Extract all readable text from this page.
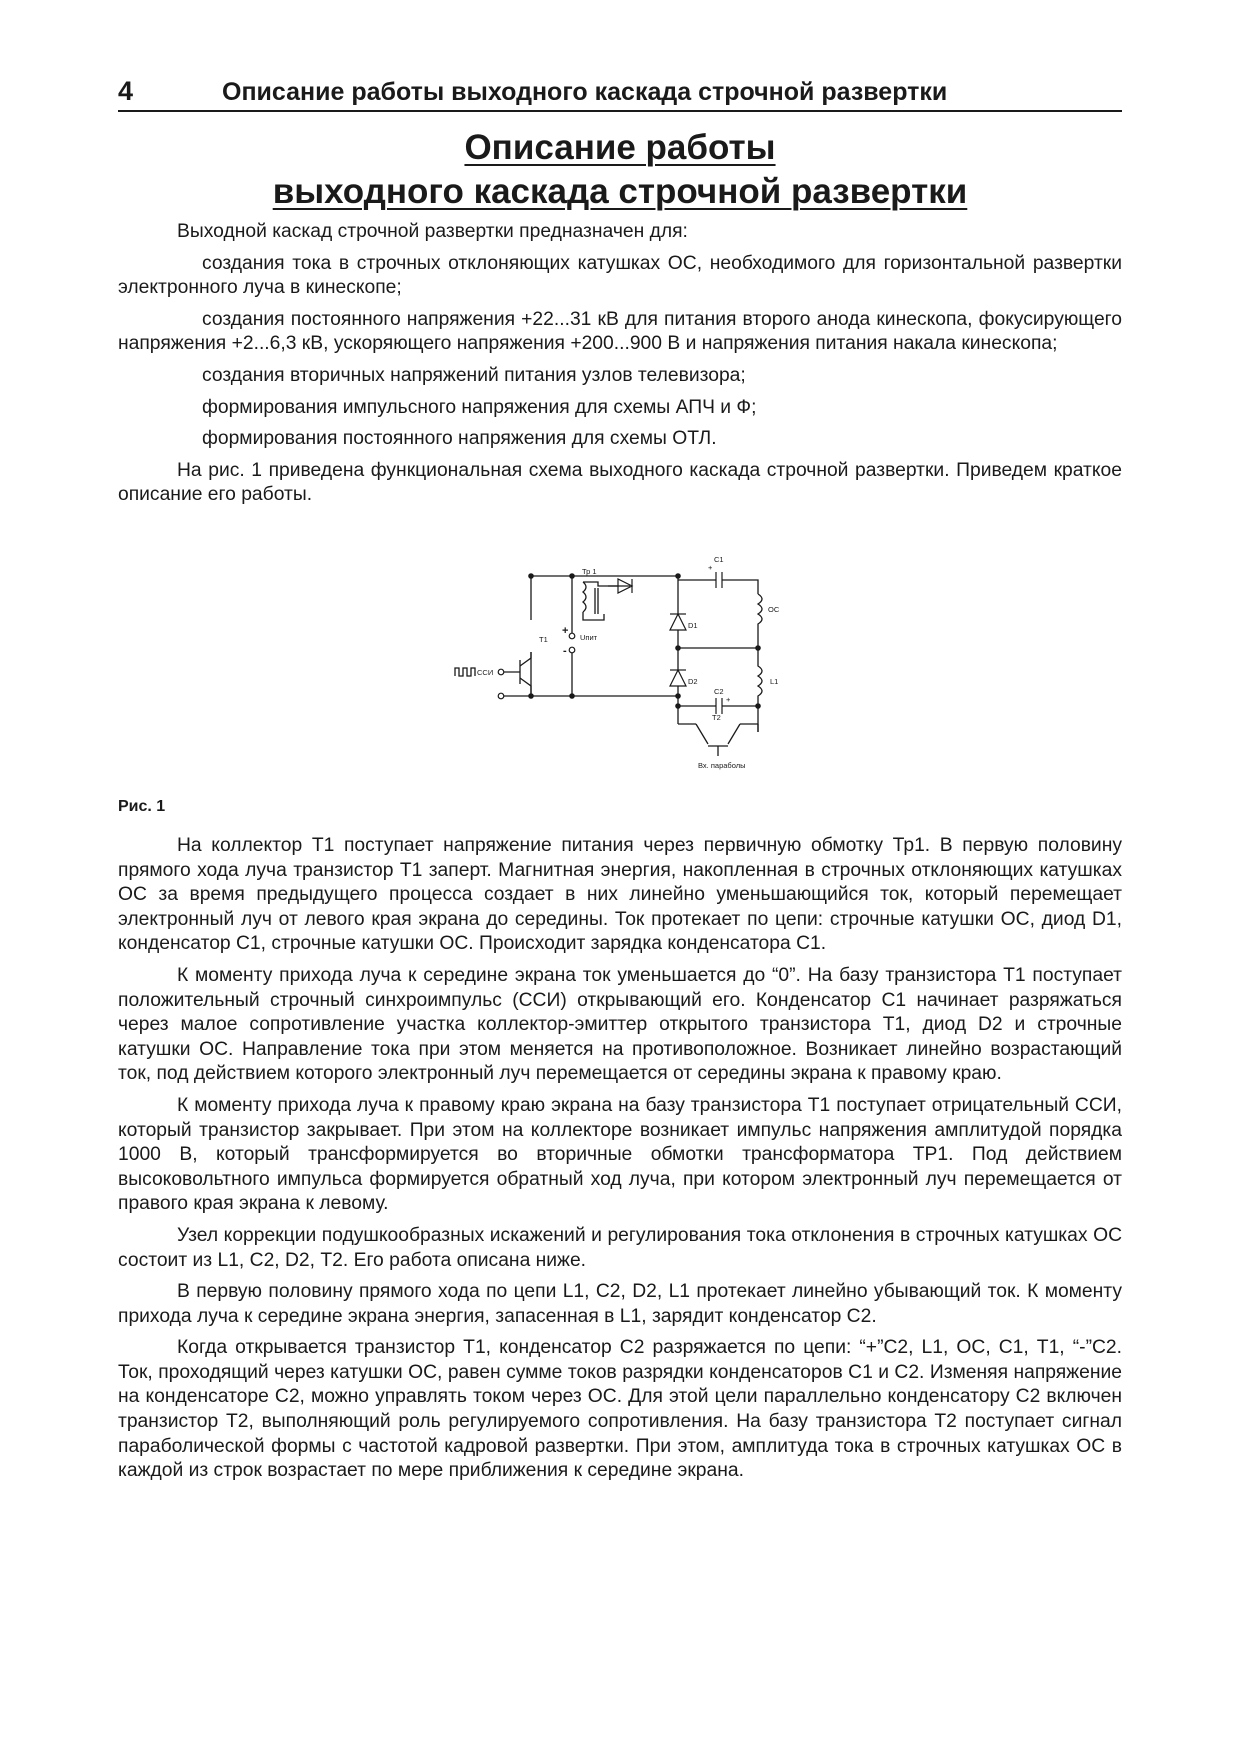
4	Описание работы выходного каскада строчной развертки
Описание работы
выходного каскада строчной развертки

Выходной каскад строчной развертки предназначен для:

создания тока в строчных отклоняющих катушках ОС, необходимого для горизонтальной развертки электронного луча в кинескопе;

создания постоянного напряжения +22...31 кВ для питания второго анода кинескопа, фокусирующего напряжения +2...6,3 кВ, ускоряющего напряжения +200...900 В и напряжения питания накала кинескопа;

создания вторичных напряжений питания узлов телевизора;

формирования импульсного напряжения для схемы АПЧ и Ф;

формирования постоянного напряжения для схемы ОТЛ.

На рис. 1 приведена функциональная схема выходного каскада строчной развертки. Приведем краткое описание его работы.

Тр 1
ССИ
Т1
+
-
Uпит
С1
+
D1
ОС
D2
С2
+
L1
Т2
Вх. параболы
Рис. 1

На коллектор Т1 поступает напряжение питания через первичную обмотку Тр1. В первую половину прямого хода луча транзистор Т1 заперт. Магнитная энергия, накопленная в строчных отклоняющих катушках ОС за время предыдущего процесса создает в них линейно уменьшающийся ток, который перемещает электронный луч от левого края экрана до середины. Ток протекает по цепи: строчные катушки ОС, диод D1, конденсатор С1, строчные катушки ОС. Происходит зарядка конденсатора С1.

К моменту прихода луча к середине экрана ток уменьшается до “0”. На базу транзистора Т1 поступает положительный строчный синхроимпульс (ССИ) открывающий его. Конденсатор С1 начинает разряжаться через малое сопротивление участка коллектор-эмиттер открытого транзистора Т1, диод D2 и строчные катушки ОС. Направление тока при этом меняется на противоположное. Возникает линейно возрастающий ток, под действием которого электронный луч перемещается от середины экрана к правому краю.

К моменту прихода луча к правому краю экрана на базу транзистора Т1 поступает отрицательный ССИ, который транзистор закрывает. При этом на коллекторе возникает импульс напряжения амплитудой порядка 1000 В, который трансформируется во вторичные обмотки трансформатора ТР1. Под действием высоковольтного импульса формируется обратный ход луча, при котором электронный луч перемещается от правого края экрана к левому.

Узел коррекции подушкообразных искажений и регулирования тока отклонения в строчных катушках ОС состоит из L1, С2, D2, Т2. Его работа описана ниже.

В первую половину прямого хода по цепи L1, С2, D2, L1 протекает линейно убывающий ток. К моменту прихода луча к середине экрана энергия, запасенная в L1, зарядит конденсатор С2.

Когда открывается транзистор Т1, конденсатор С2 разряжается по цепи: “+”С2, L1, ОС, С1, Т1, “-”С2. Ток, проходящий через катушки ОС, равен сумме токов разрядки конденсаторов С1 и С2. Изменяя напряжение на конденсаторе С2, можно управлять током через ОС. Для этой цели параллельно конденсатору С2 включен транзистор Т2, выполняющий роль регулируемого сопротивления. На базу транзистора Т2 поступает сигнал параболической формы с частотой кадровой развертки. При этом, амплитуда тока в строчных катушках ОС в каждой из строк возрастает по мере приближения к середине экрана.
